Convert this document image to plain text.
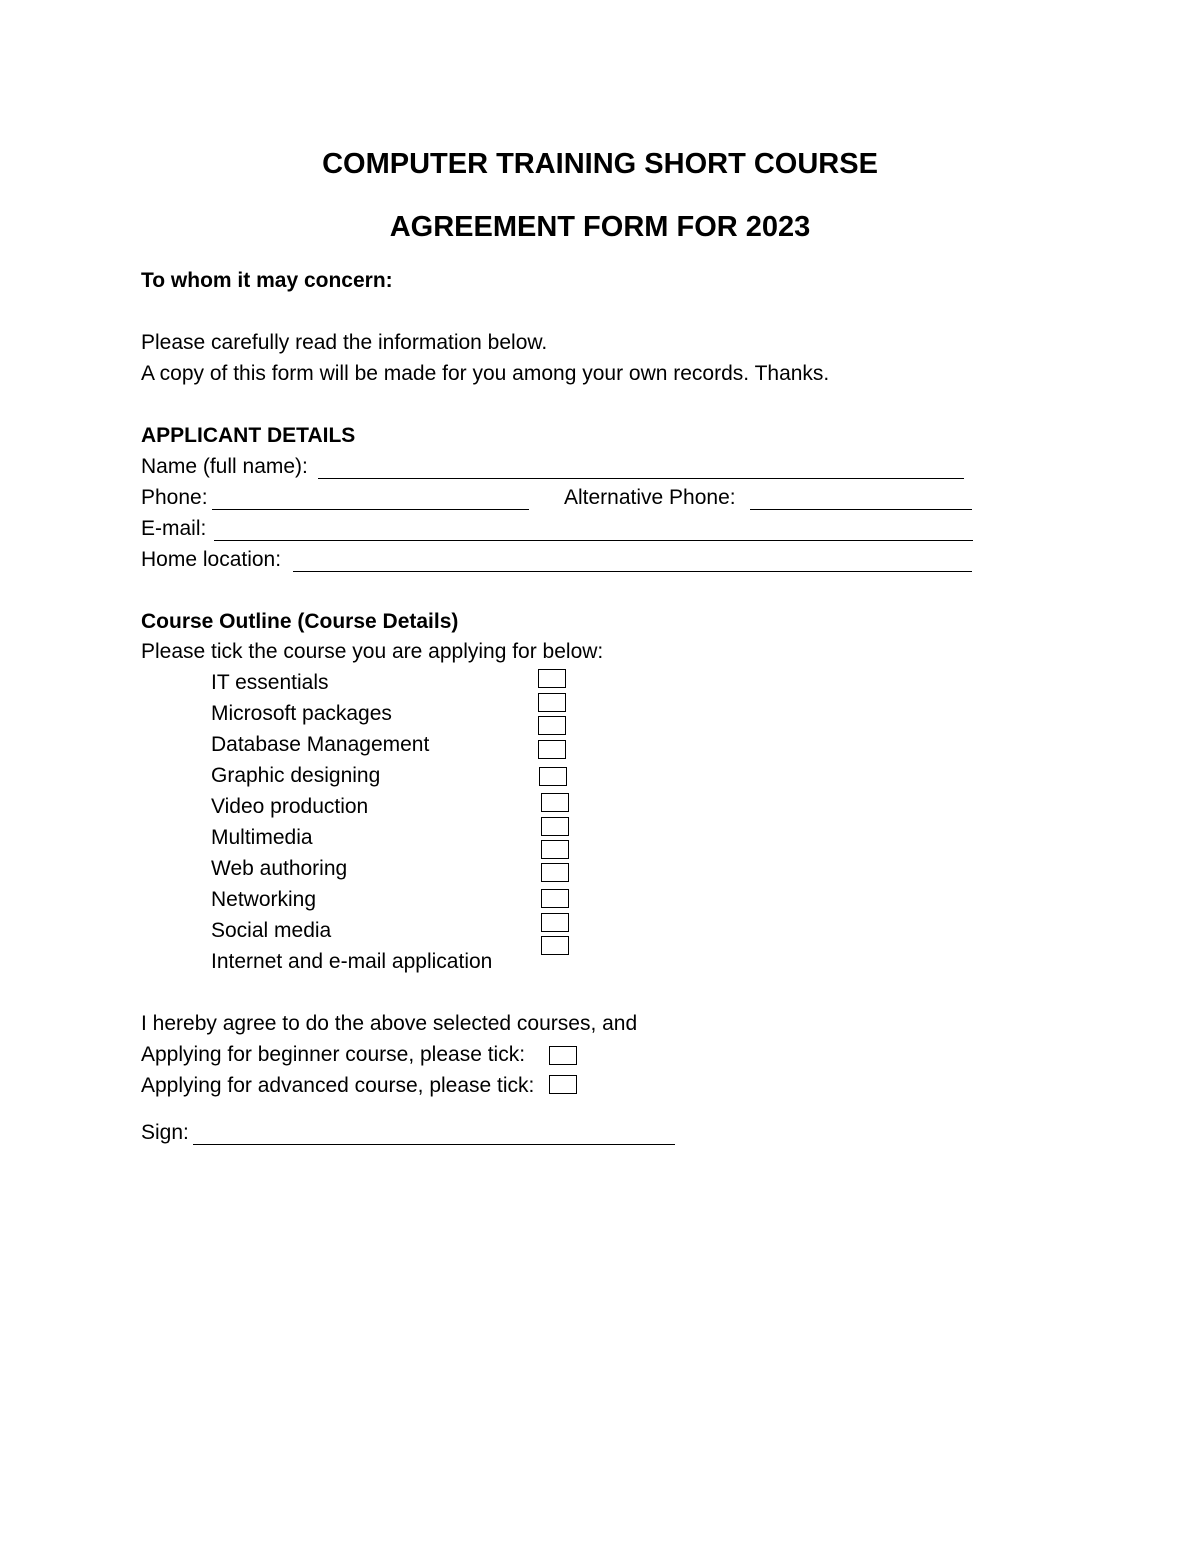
COMPUTER TRAINING SHORT COURSE
AGREEMENT FORM FOR 2023
To whom it may concern:
Please carefully read the information below.
A copy of this form will be made for you among your own records. Thanks.
APPLICANT DETAILS
Name (full name):
Phone:	Alternative Phone:
E-mail:
Home location:
Course Outline (Course Details)
Please tick the course you are applying for below:
IT essentials
Microsoft packages
Database Management
Graphic designing
Video production
Multimedia
Web authoring
Networking
Social media
Internet and e-mail application
I hereby agree to do the above selected courses, and
Applying for beginner course, please tick:
Applying for advanced course, please tick:
Sign:
